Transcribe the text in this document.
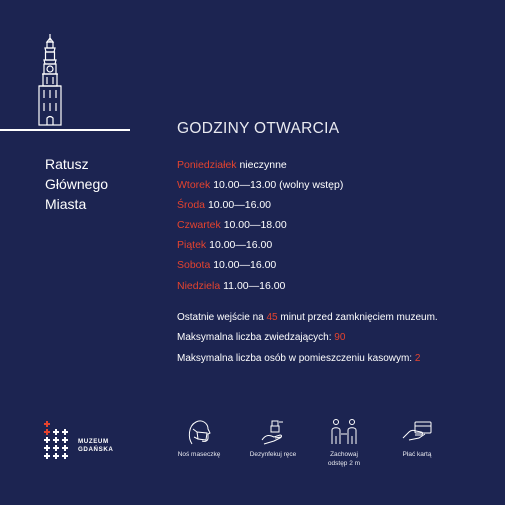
Ratusz
Głównego
Miasta
GODZINY OTWARCIA
Poniedziałek nieczynne
Wtorek 10.00—13.00 (wolny wstęp)
Środa 10.00—16.00
Czwartek 10.00—18.00
Piątek 10.00—16.00
Sobota 10.00—16.00
Niedziela 11.00—16.00
Ostatnie wejście na 45 minut przed zamknięciem muzeum.
Maksymalna liczba zwiedzających: 90
Maksymalna liczba osób w pomieszczeniu kasowym: 2
MUZEUM
GDAŃSKA
Noś maseczkę	Dezynfekuj ręce	Zachowaj
odstęp 2 m
Płać kartą
